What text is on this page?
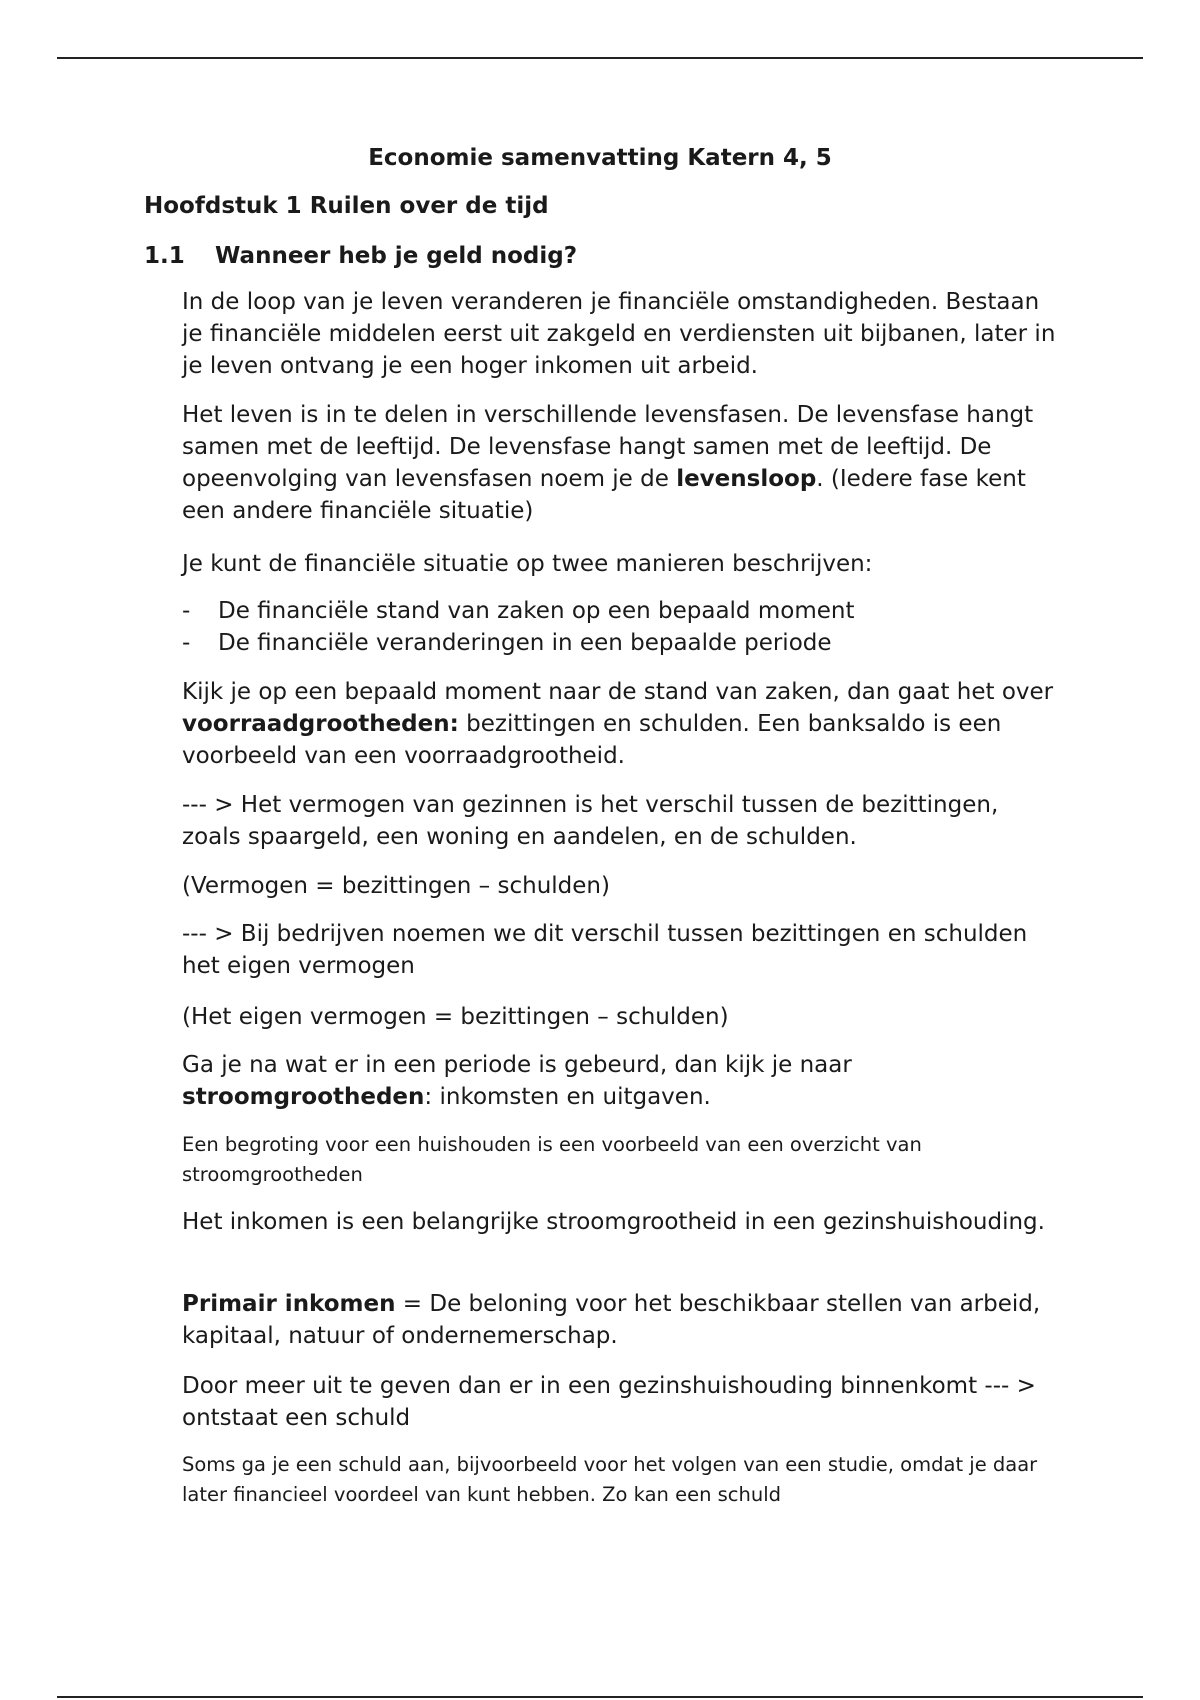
Economie samenvatting Katern 4, 5
Hoofdstuk 1 Ruilen over de tijd
1.1 Wanneer heb je geld nodig?

In de loop van je leven veranderen je financiële omstandigheden. Bestaan je financiële middelen eerst uit zakgeld en verdiensten uit bijbanen, later in je leven ontvang je een hoger inkomen uit arbeid.

Het leven is in te delen in verschillende levensfasen. De levensfase hangt samen met de leeftijd. De levensfase hangt samen met de leeftijd. De opeenvolging van levensfasen noem je de levensloop. (Iedere fase kent een andere financiële situatie)

Je kunt de financiële situatie op twee manieren beschrijven:

- De financiële stand van zaken op een bepaald moment
- De financiële veranderingen in een bepaalde periode

Kijk je op een bepaald moment naar de stand van zaken, dan gaat het over voorraadgrootheden: bezittingen en schulden. Een banksaldo is een voorbeeld van een voorraadgrootheid.

--- > Het vermogen van gezinnen is het verschil tussen de bezittingen, zoals spaargeld, een woning en aandelen, en de schulden.

(Vermogen = bezittingen – schulden)

--- > Bij bedrijven noemen we dit verschil tussen bezittingen en schulden het eigen vermogen

(Het eigen vermogen = bezittingen – schulden)

Ga je na wat er in een periode is gebeurd, dan kijk je naar stroomgrootheden: inkomsten en uitgaven.

Een begroting voor een huishouden is een voorbeeld van een overzicht van stroomgrootheden

Het inkomen is een belangrijke stroomgrootheid in een gezinshuishouding.

Primair inkomen = De beloning voor het beschikbaar stellen van arbeid, kapitaal, natuur of ondernemerschap.

Door meer uit te geven dan er in een gezinshuishouding binnenkomt --- > ontstaat een schuld

Soms ga je een schuld aan, bijvoorbeeld voor het volgen van een studie, omdat je daar later financieel voordeel van kunt hebben. Zo kan een schuld
